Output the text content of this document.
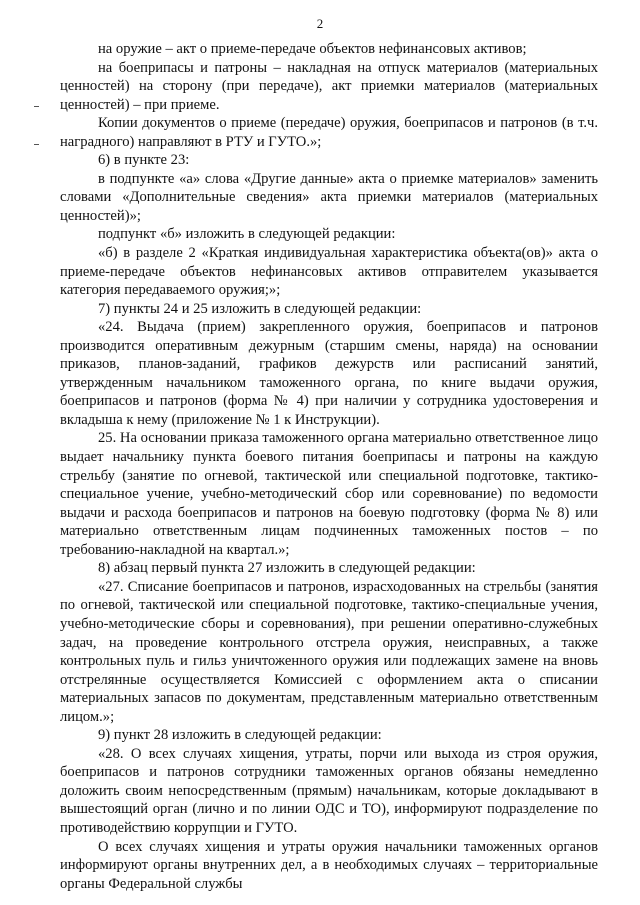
2

на оружие – акт о приеме-передаче объектов нефинансовых активов;

на боеприпасы и патроны – накладная на отпуск материалов (материальных ценностей) на сторону (при передаче), акт приемки материалов (материальных ценностей) – при приеме.

Копии документов о приеме (передаче) оружия, боеприпасов и патронов (в т.ч. наградного) направляют в РТУ и ГУТО.»;

6) в пункте 23:

в подпункте «а» слова «Другие данные» акта о приемке материалов» заменить словами «Дополнительные сведения» акта приемки материалов (материальных ценностей)»;

подпункт «б» изложить в следующей редакции:

«б) в разделе 2 «Краткая индивидуальная характеристика объекта(ов)» акта о приеме-передаче объектов нефинансовых активов отправителем указывается категория передаваемого оружия;»;

7) пункты 24 и 25 изложить в следующей редакции:

«24. Выдача (прием) закрепленного оружия, боеприпасов и патронов производится оперативным дежурным (старшим смены, наряда) на основании приказов, планов-заданий, графиков дежурств или расписаний занятий, утвержденным начальником таможенного органа, по книге выдачи оружия, боеприпасов и патронов (форма № 4) при наличии у сотрудника удостоверения и вкладыша к нему (приложение № 1 к Инструкции).

25. На основании приказа таможенного органа материально ответственное лицо выдает начальнику пункта боевого питания боеприпасы и патроны на каждую стрельбу (занятие по огневой, тактической или специальной подготовке, тактико-специальное учение, учебно-методический сбор или соревнование) по ведомости выдачи и расхода боеприпасов и патронов на боевую подготовку (форма № 8) или материально ответственным лицам подчиненных таможенных постов – по требованию-накладной на квартал.»;

8) абзац первый пункта 27 изложить в следующей редакции:

«27. Списание боеприпасов и патронов, израсходованных на стрельбы (занятия по огневой, тактической или специальной подготовке, тактико-специальные учения, учебно-методические сборы и соревнования), при решении оперативно-служебных задач, на проведение контрольного отстрела оружия, неисправных, а также контрольных пуль и гильз уничтоженного оружия или подлежащих замене на вновь отстрелянные осуществляется Комиссией с оформлением акта о списании материальных запасов по документам, представленным материально ответственным лицом.»;

9) пункт 28 изложить в следующей редакции:

«28. О всех случаях хищения, утраты, порчи или выхода из строя оружия, боеприпасов и патронов сотрудники таможенных органов обязаны немедленно доложить своим непосредственным (прямым) начальникам, которые докладывают в вышестоящий орган (лично и по линии ОДС и ТО), информируют подразделение по противодействию коррупции и ГУТО.

О всех случаях хищения и утраты оружия начальники таможенных органов информируют органы внутренних дел, а в необходимых случаях – территориальные органы Федеральной службы
